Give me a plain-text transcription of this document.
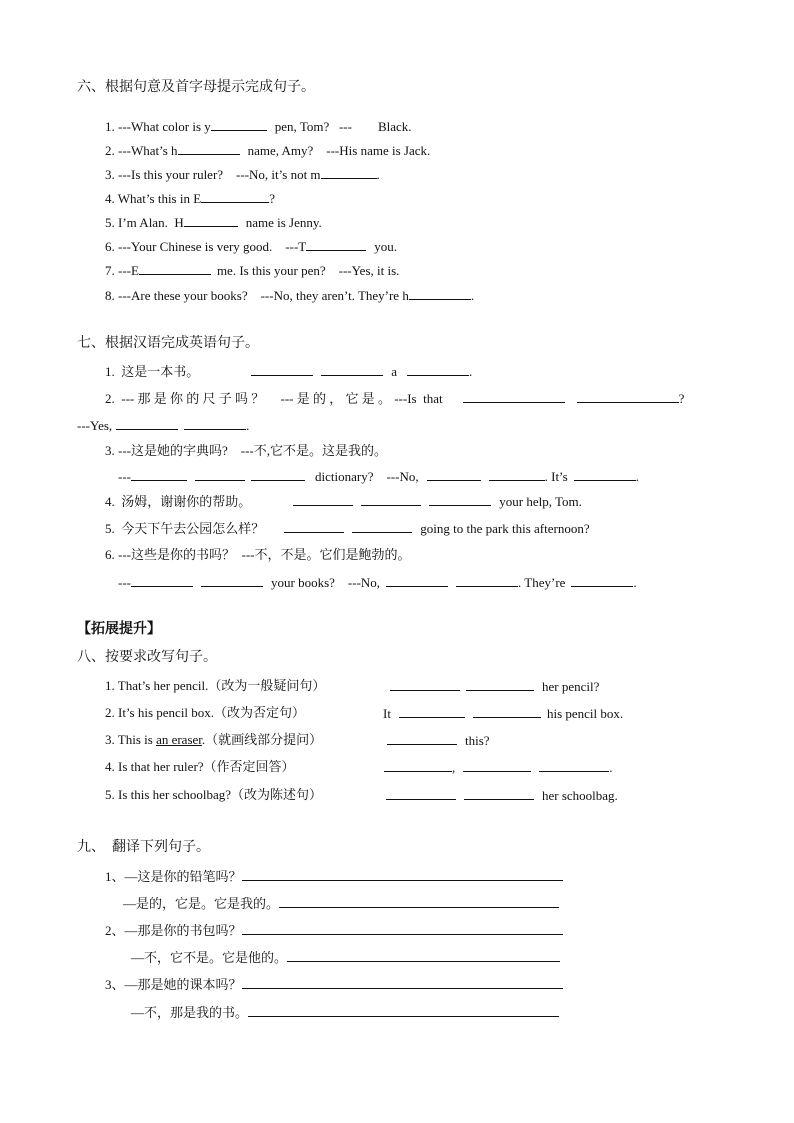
六、根据句意及首字母提示完成句子。
1. ---What color is y	pen, Tom?   ---        Black.
2. ---What’s h	name, Amy?    ---His name is Jack.
3. ---Is this your ruler?    ---No, it’s not m	.
4. What’s this in E	?
5. I’m Alan.  H	name is Jenny.
6. ---Your Chinese is very good.    ---T	you.
7. ---E	me. Is this your pen?    ---Yes, it is.
8. ---Are these your books?    ---No, they aren’t. They’re h	.
七、根据汉语完成英语句子。
1.  这是一本书。	a	.
2.  --- 那 是 你 的 尺 子 吗 ？     --- 是 的 ， 它 是 。 ---Is  that	?
---Yes,	.
3. ---这是她的字典吗?    ---不,它不是。这是我的。
---	dictionary?    ---No,	. It’s	.
4.  汤姆，谢谢你的帮助。	your help, Tom.
5.  今天下午去公园怎么样？	going to the park this afternoon?
6. ---这些是你的书吗？  ---不，不是。它们是鲍勃的。
---	your books?    ---No,	. They’re	.
【拓展提升】
八、按要求改写句子。
1. That’s her pencil.（改为一般疑问句）	her pencil?
2. It’s his pencil box.（改为否定句）	It	his pencil box.
3. This is an eraser.（就画线部分提问）	this?
4. Is that her ruler?（作否定回答）	,	.
5. Is this her schoolbag?（改为陈述句）	her schoolbag.
九、  翻译下列句子。
1、—这是你的铅笔吗？
—是的，它是。它是我的。
2、—那是你的书包吗？
—不，它不是。它是他的。
3、—那是她的课本吗？
—不，那是我的书。
